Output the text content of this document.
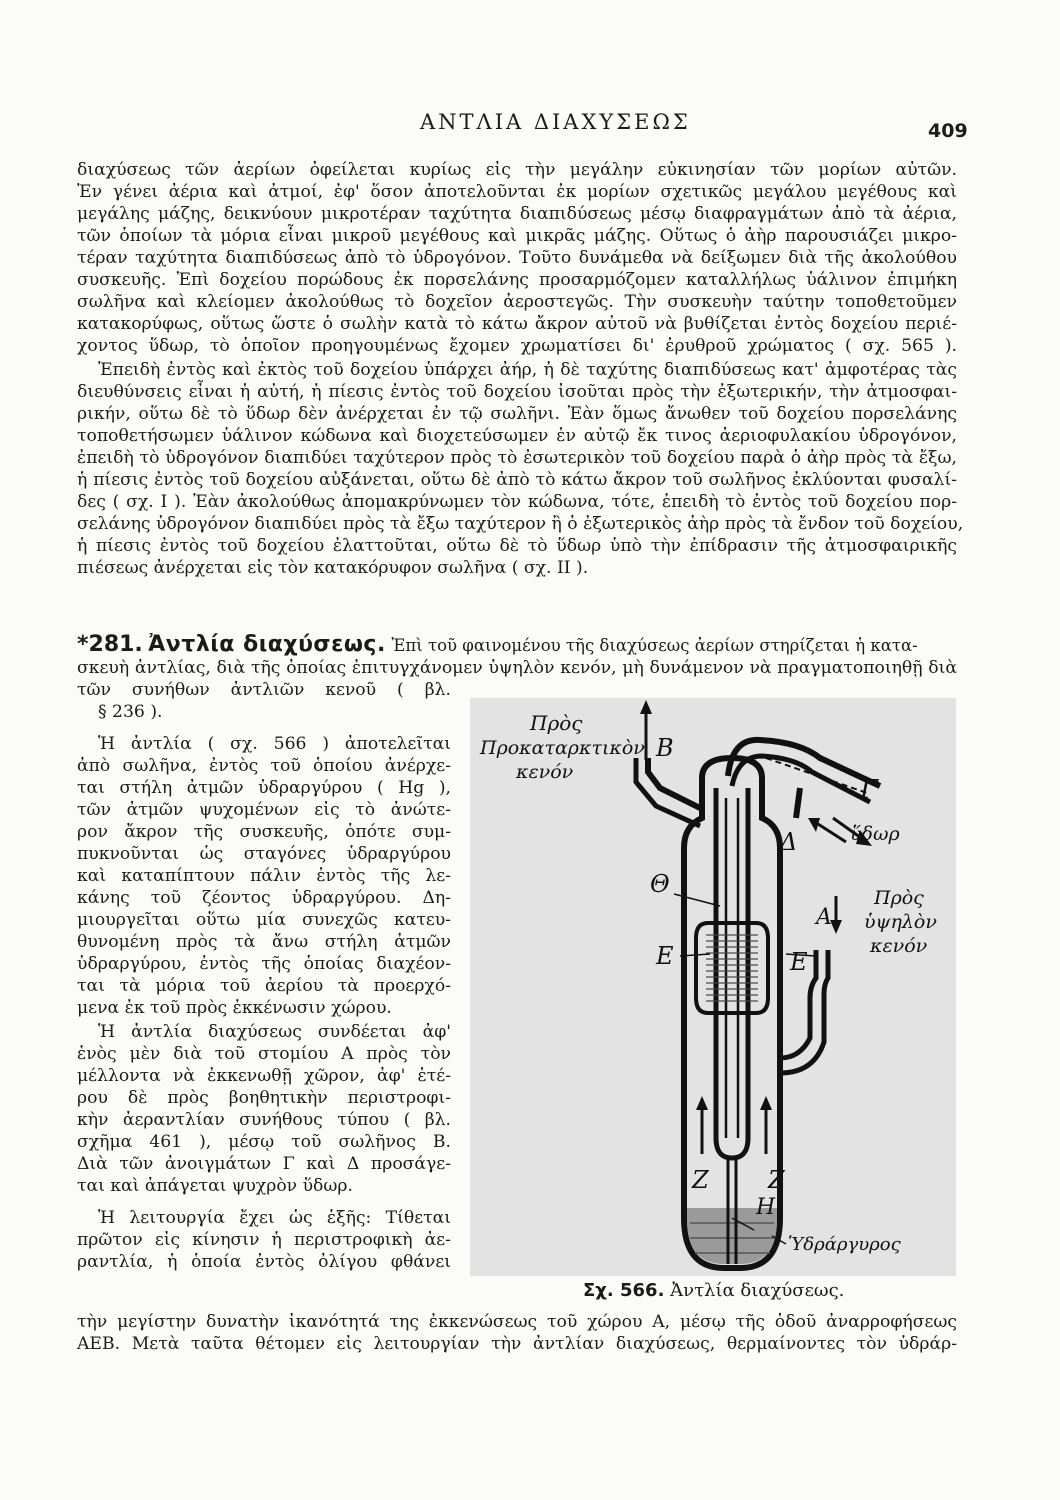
ΑΝΤΛΙΑ ΔΙΑΧΥΣΕΩΣ	409
διαχύσεως τῶν ἀερίων ὀφείλεται κυρίως εἰς τὴν μεγάλην εὐκινησίαν τῶν μορίων αὐτῶν.
Ἐν γένει ἀέρια καὶ ἀτμοί, ἐφ' ὅσον ἀποτελοῦνται ἐκ μορίων σχετικῶς μεγάλου μεγέθους καὶ
μεγάλης μάζης, δεικνύουν μικροτέραν ταχύτητα διαπιδύσεως μέσῳ διαφραγμάτων ἀπὸ τὰ ἀέρια,
τῶν ὁποίων τὰ μόρια εἶναι μικροῦ μεγέθους καὶ μικρᾶς μάζης. Οὕτως ὁ ἀὴρ παρουσιάζει μικρο-
τέραν ταχύτητα διαπιδύσεως ἀπὸ τὸ ὑδρογόνον. Τοῦτο δυνάμεθα νὰ δείξωμεν διὰ τῆς ἀκολούθου
συσκευῆς. Ἐπὶ δοχείου πορώδους ἐκ πορσελάνης προσαρμόζομεν καταλλήλως ὑάλινον ἐπιμήκη
σωλῆνα καὶ κλείομεν ἀκολούθως τὸ δοχεῖον ἀεροστεγῶς. Τὴν συσκευὴν ταύτην τοποθετοῦμεν
κατακορύφως, οὕτως ὥστε ὁ σωλὴν κατὰ τὸ κάτω ἄκρον αὐτοῦ νὰ βυθίζεται ἐντὸς δοχείου περιέ-
χοντος ὕδωρ, τὸ ὁποῖον προηγουμένως ἔχομεν χρωματίσει δι' ἐρυθροῦ χρώματος ( σχ. 565 ).
Ἐπειδὴ ἐντὸς καὶ ἐκτὸς τοῦ δοχείου ὑπάρχει ἀήρ, ἡ δὲ ταχύτης διαπιδύσεως κατ' ἀμφοτέρας τὰς
διευθύνσεις εἶναι ἡ αὐτή, ἡ πίεσις ἐντὸς τοῦ δοχείου ἰσοῦται πρὸς τὴν ἐξωτερικήν, τὴν ἀτμοσφαι-
ρικήν, οὕτω δὲ τὸ ὕδωρ δὲν ἀνέρχεται ἐν τῷ σωλῆνι. Ἐὰν ὅμως ἄνωθεν τοῦ δοχείου πορσελάνης
τοποθετήσωμεν ὑάλινον κώδωνα καὶ διοχετεύσωμεν ἐν αὐτῷ ἔκ τινος ἀεριοφυλακίου ὑδρογόνον,
ἐπειδὴ τὸ ὑδρογόνον διαπιδύει ταχύτερον πρὸς τὸ ἐσωτερικὸν τοῦ δοχείου παρὰ ὁ ἀὴρ πρὸς τὰ ἔξω,
ἡ πίεσις ἐντὸς τοῦ δοχείου αὐξάνεται, οὕτω δὲ ἀπὸ τὸ κάτω ἄκρον τοῦ σωλῆνος ἐκλύονται φυσαλί-
δες ( σχ. I ). Ἐὰν ἀκολούθως ἀπομακρύνωμεν τὸν κώδωνα, τότε, ἐπειδὴ τὸ ἐντὸς τοῦ δοχείου πορ-
σελάνης ὑδρογόνον διαπιδύει πρὸς τὰ ἔξω ταχύτερον ἢ ὁ ἐξωτερικὸς ἀὴρ πρὸς τὰ ἔνδον τοῦ δοχείου,
ἡ πίεσις ἐντὸς τοῦ δοχείου ἐλαττοῦται, οὕτω δὲ τὸ ὕδωρ ὑπὸ τὴν ἐπίδρασιν τῆς ἀτμοσφαιρικῆς
πιέσεως ἀνέρχεται εἰς τὸν κατακόρυφον σωλῆνα ( σχ. II ).
*281. Ἀντλία διαχύσεως. Ἐπὶ τοῦ φαινομένου τῆς διαχύσεως ἀερίων στηρίζεται ἡ κατα-
σκευὴ ἀντλίας, διὰ τῆς ὁποίας ἐπιτυγχάνομεν ὑψηλὸν κενόν, μὴ δυνάμενον νὰ πραγματοποιηθῇ διὰ
τῶν συνήθων ἀντλιῶν κενοῦ ( βλ.
§ 236 ).
Ἡ ἀντλία ( σχ. 566 ) ἀποτελεῖται
ἀπὸ σωλῆνα, ἐντὸς τοῦ ὁποίου ἀνέρχε-
ται στήλη ἀτμῶν ὑδραργύρου ( Hg ),
τῶν ἀτμῶν ψυχομένων εἰς τὸ ἀνώτε-
ρον ἄκρον τῆς συσκευῆς, ὁπότε συμ-
πυκνοῦνται ὡς σταγόνες ὑδραργύρου
καὶ καταπίπτουν πάλιν ἐντὸς τῆς λε-
κάνης τοῦ ζέοντος ὑδραργύρου. Δη-
μιουργεῖται οὕτω μία συνεχῶς κατευ-
θυνομένη πρὸς τὰ ἄνω στήλη ἀτμῶν
ὑδραργύρου, ἐντὸς τῆς ὁποίας διαχέον-
ται τὰ μόρια τοῦ ἀερίου τὰ προερχό-
μενα ἐκ τοῦ πρὸς ἐκκένωσιν χώρου.
Ἡ ἀντλία διαχύσεως συνδέεται ἀφ'
ἑνὸς μὲν διὰ τοῦ στομίου Α πρὸς τὸν
μέλλοντα νὰ ἐκκενωθῇ χῶρον, ἀφ' ἑτέ-
ρου δὲ πρὸς βοηθητικὴν περιστροφι-
κὴν ἀεραντλίαν συνήθους τύπου ( βλ.
σχῆμα 461 ), μέσῳ τοῦ σωλῆνος Β.
Διὰ τῶν ἀνοιγμάτων Γ καὶ Δ προσάγε-
ται καὶ ἀπάγεται ψυχρὸν ὕδωρ.
Ἡ λειτουργία ἔχει ὡς ἑξῆς: Τίθεται
πρῶτον εἰς κίνησιν ἡ περιστροφικὴ ἀε-
ραντλία, ἡ ὁποία ἐντὸς ὀλίγου φθάνει
τὴν μεγίστην δυνατὴν ἱκανότητά της ἐκκενώσεως τοῦ χώρου Α, μέσῳ τῆς ὁδοῦ ἀναρροφήσεως
ΑΕΒ. Μετὰ ταῦτα θέτομεν εἰς λειτουργίαν τὴν ἀντλίαν διαχύσεως, θερμαίνοντες τὸν ὑδράρ-
Πρὸς
Προκαταρκτικὸν
κενόν
B
Γ
Δ	ὕδωρ
Θ
A
Πρὸς
ὑψηλὸν
κενόν
E	E
Z Z
H
Ὑδράργυρος
Σχ. 566. Ἀντλία διαχύσεως.
